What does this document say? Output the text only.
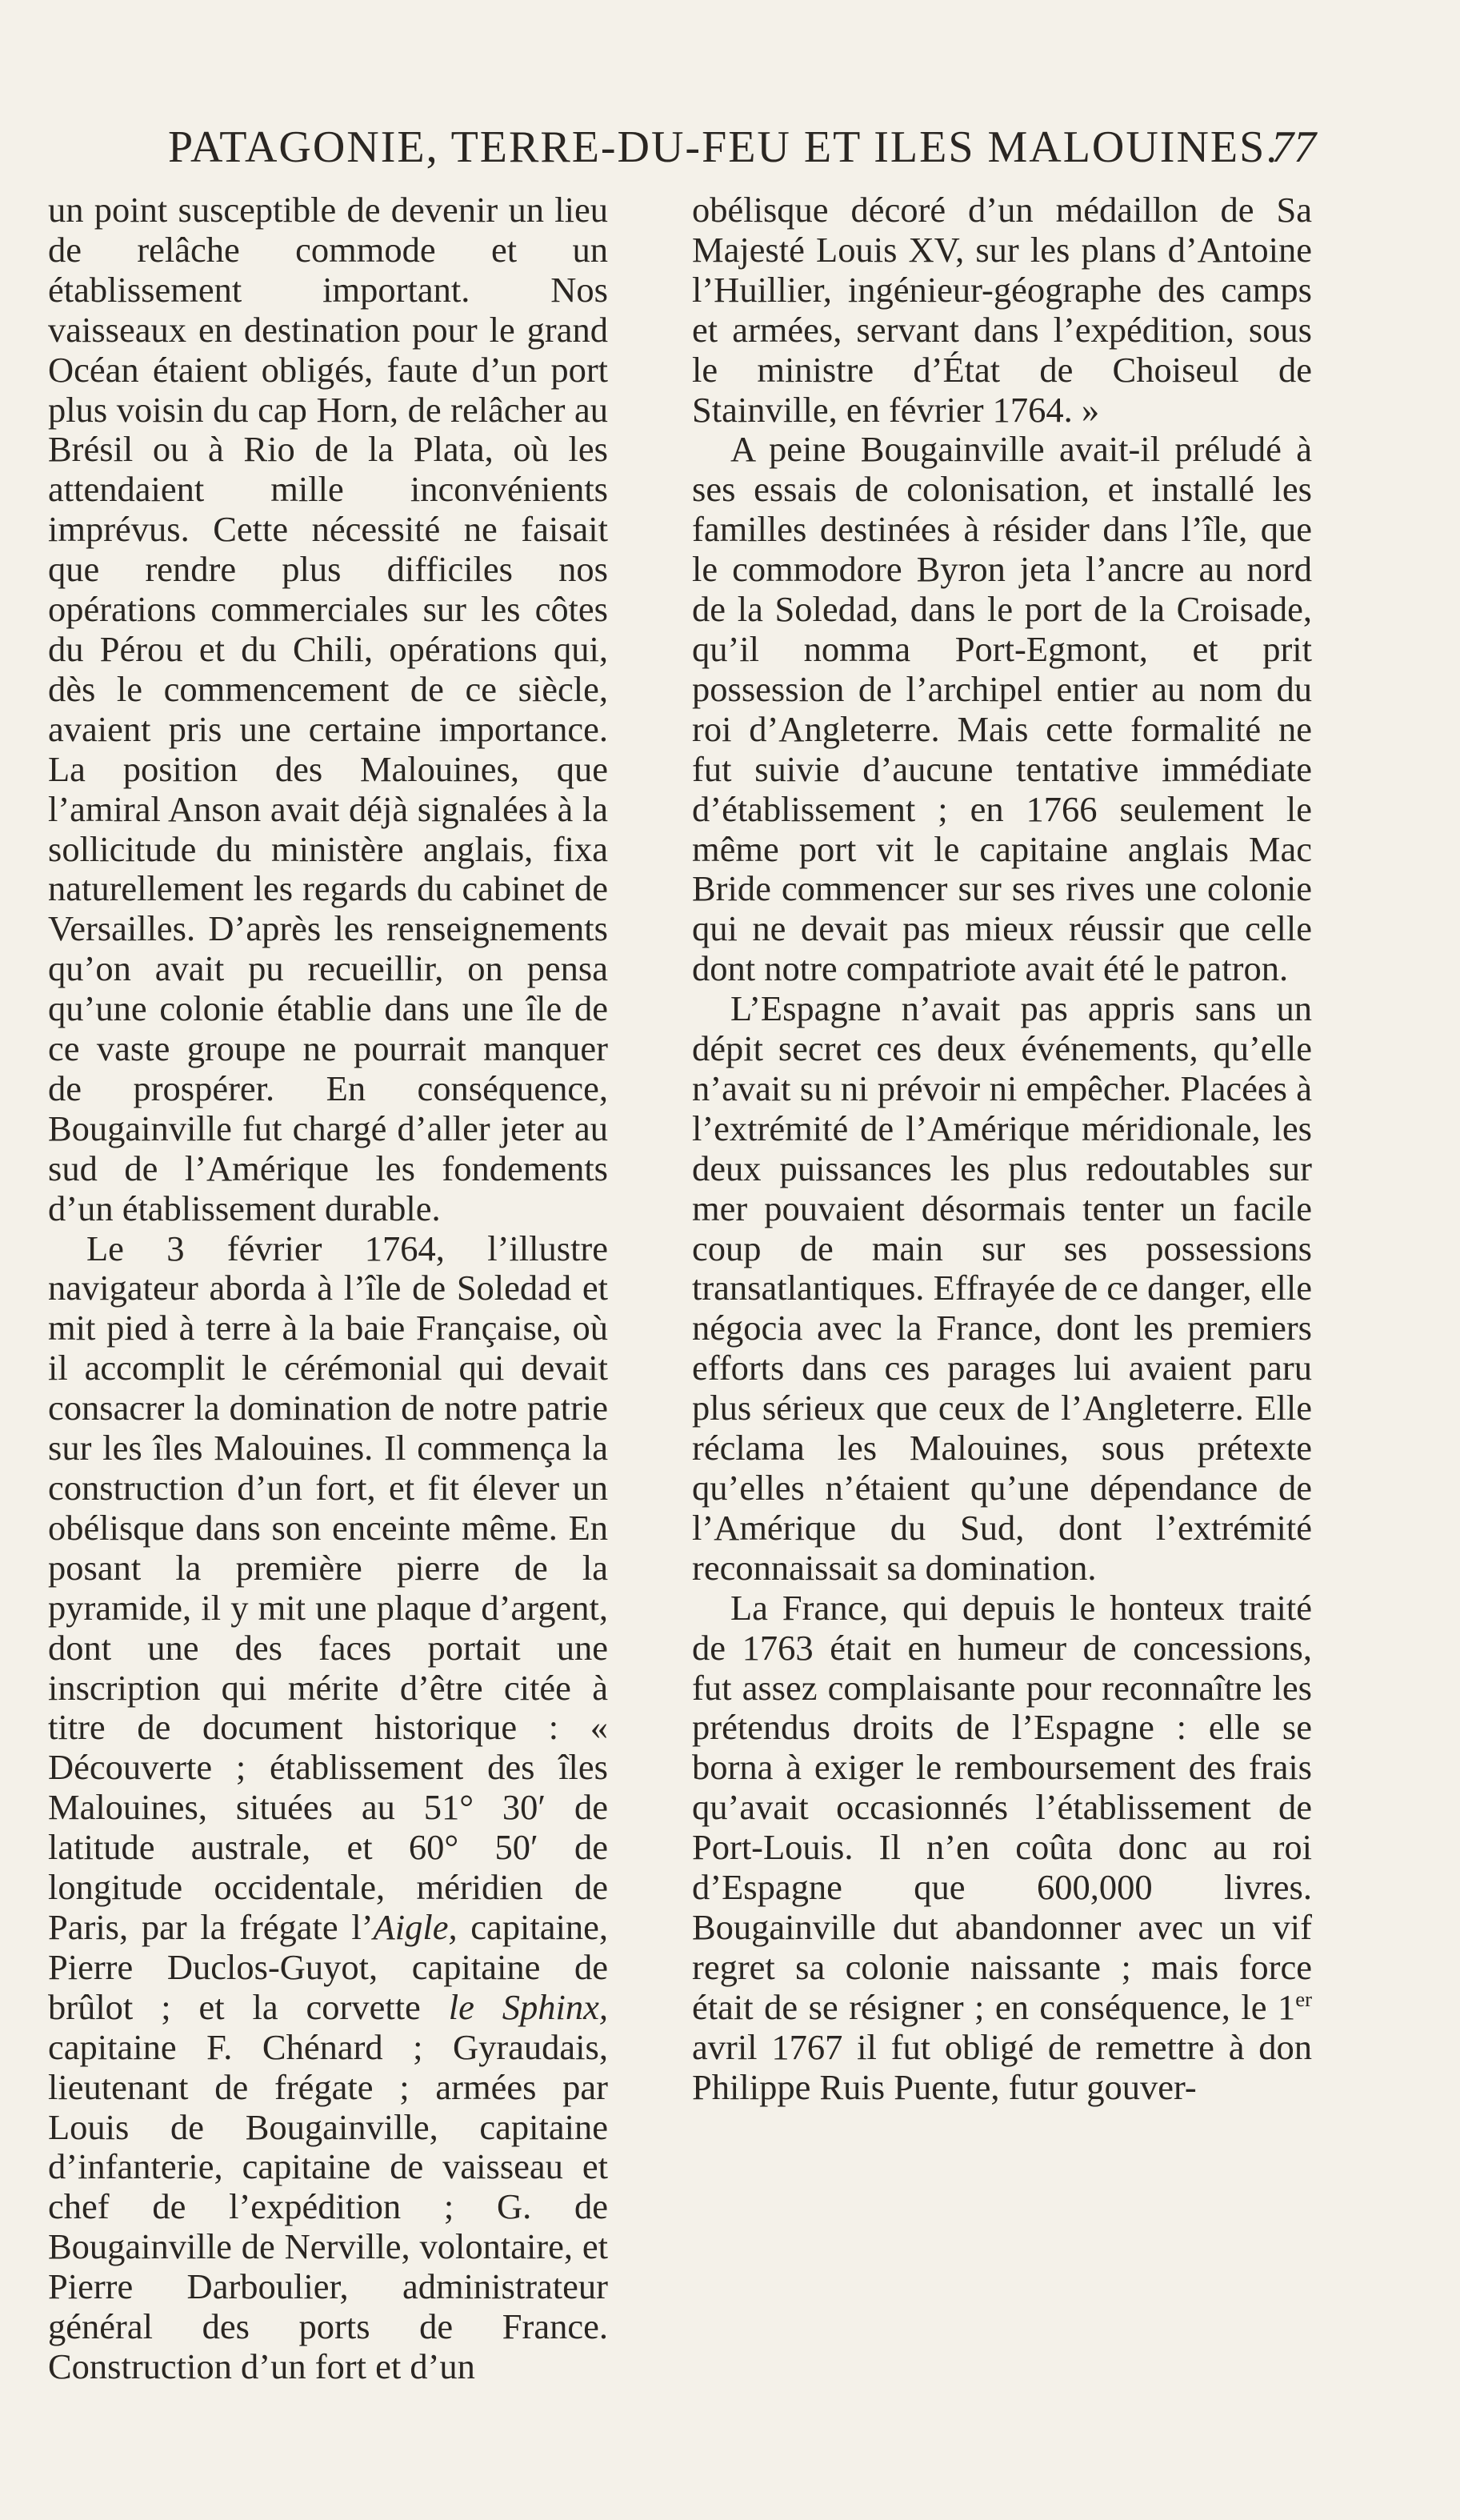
PATAGONIE, TERRE-DU-FEU ET ILES MALOUINES.
77

un point susceptible de devenir un lieu de relâche commode et un établissement important. Nos vaisseaux en destination pour le grand Océan étaient obligés, faute d’un port plus voisin du cap Horn, de relâcher au Brésil ou à Rio de la Plata, où les attendaient mille inconvénients imprévus. Cette nécessité ne faisait que rendre plus difficiles nos opérations commerciales sur les côtes du Pérou et du Chili, opérations qui, dès le commencement de ce siècle, avaient pris une certaine importance. La position des Malouines, que l’amiral Anson avait déjà signalées à la sollicitude du ministère anglais, fixa naturellement les regards du cabinet de Versailles. D’après les renseignements qu’on avait pu recueillir, on pensa qu’une colonie établie dans une île de ce vaste groupe ne pourrait manquer de prospérer. En conséquence, Bougainville fut chargé d’aller jeter au sud de l’Amérique les fondements d’un établissement durable.

Le 3 février 1764, l’illustre navigateur aborda à l’île de Soledad et mit pied à terre à la baie Française, où il accomplit le cérémonial qui devait consacrer la domination de notre patrie sur les îles Malouines. Il commença la construction d’un fort, et fit élever un obélisque dans son enceinte même. En posant la première pierre de la pyramide, il y mit une plaque d’argent, dont une des faces portait une inscription qui mérite d’être citée à titre de document historique : « Découverte ; établissement des îles Malouines, situées au 51° 30′ de latitude australe, et 60° 50′ de longitude occidentale, méridien de Paris, par la frégate l’Aigle, capitaine, Pierre Duclos-Guyot, capitaine de brûlot ; et la corvette le Sphinx, capitaine F. Chénard ; Gyraudais, lieutenant de frégate ; armées par Louis de Bougainville, capitaine d’infanterie, capitaine de vaisseau et chef de l’expédition ; G. de Bougainville de Nerville, volontaire, et Pierre Darboulier, administrateur général des ports de France. Construction d’un fort et d’un

obélisque décoré d’un médaillon de Sa Majesté Louis XV, sur les plans d’Antoine l’Huillier, ingénieur-géographe des camps et armées, servant dans l’expédition, sous le ministre d’État de Choiseul de Stainville, en février 1764. »

A peine Bougainville avait-il préludé à ses essais de colonisation, et installé les familles destinées à résider dans l’île, que le commodore Byron jeta l’ancre au nord de la Soledad, dans le port de la Croisade, qu’il nomma Port-Egmont, et prit possession de l’archipel entier au nom du roi d’Angleterre. Mais cette formalité ne fut suivie d’aucune tentative immédiate d’établissement ; en 1766 seulement le même port vit le capitaine anglais Mac Bride commencer sur ses rives une colonie qui ne devait pas mieux réussir que celle dont notre compatriote avait été le patron.

L’Espagne n’avait pas appris sans un dépit secret ces deux événements, qu’elle n’avait su ni prévoir ni empêcher. Placées à l’extrémité de l’Amérique méridionale, les deux puissances les plus redoutables sur mer pouvaient désormais tenter un facile coup de main sur ses possessions transatlantiques. Effrayée de ce danger, elle négocia avec la France, dont les premiers efforts dans ces parages lui avaient paru plus sérieux que ceux de l’Angleterre. Elle réclama les Malouines, sous prétexte qu’elles n’étaient qu’une dépendance de l’Amérique du Sud, dont l’extrémité reconnaissait sa domination.

La France, qui depuis le honteux traité de 1763 était en humeur de concessions, fut assez complaisante pour reconnaître les prétendus droits de l’Espagne : elle se borna à exiger le remboursement des frais qu’avait occasionnés l’établissement de Port-Louis. Il n’en coûta donc au roi d’Espagne que 600,000 livres. Bougainville dut abandonner avec un vif regret sa colonie naissante ; mais force était de se résigner ; en conséquence, le 1er avril 1767 il fut obligé de remettre à don Philippe Ruis Puente, futur gouver-
